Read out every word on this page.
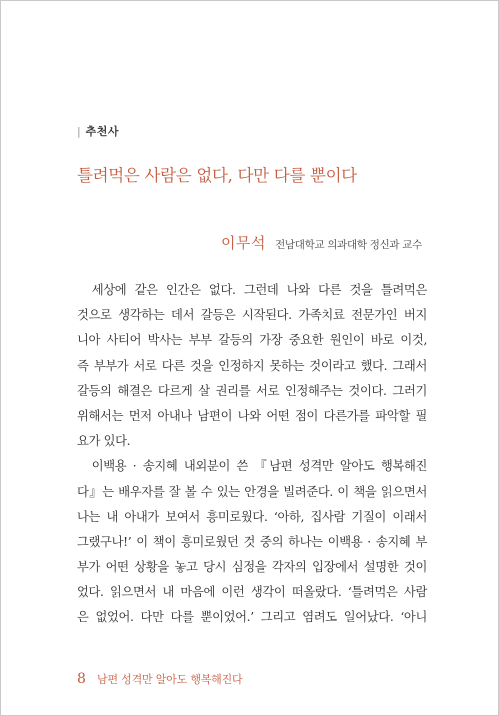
| 추천사
틀려먹은 사람은 없다, 다만 다를 뿐이다
이무석 전남대학교 의과대학 정신과 교수
세상에 같은 인간은 없다. 그런데 나와 다른 것을 틀려먹은
것으로 생각하는 데서 갈등은 시작된다. 가족치료 전문가인 버지
니아 사티어 박사는 부부 갈등의 가장 중요한 원인이 바로 이것,
즉 부부가 서로 다른 것을 인정하지 못하는 것이라고 했다. 그래서
갈등의 해결은 다르게 살 권리를 서로 인정해주는 것이다. 그러기
위해서는 먼저 아내나 남편이 나와 어떤 점이 다른가를 파악할 필
요가 있다.
이백용 · 송지혜 내외분이 쓴 『남편 성격만 알아도 행복해진
다』는 배우자를 잘 볼 수 있는 안경을 빌려준다. 이 책을 읽으면서
나는 내 아내가 보여서 흥미로웠다. ‘아하, 집사람 기질이 이래서
그랬구나!’ 이 책이 흥미로웠던 것 중의 하나는 이백용 · 송지혜 부
부가 어떤 상황을 놓고 당시 심정을 각자의 입장에서 설명한 것이
었다. 읽으면서 내 마음에 이런 생각이 떠올랐다. ‘틀려먹은 사람
은 없었어. 다만 다를 뿐이었어.’ 그리고 염려도 일어났다. ‘아니
8 남편 성격만 알아도 행복해진다
